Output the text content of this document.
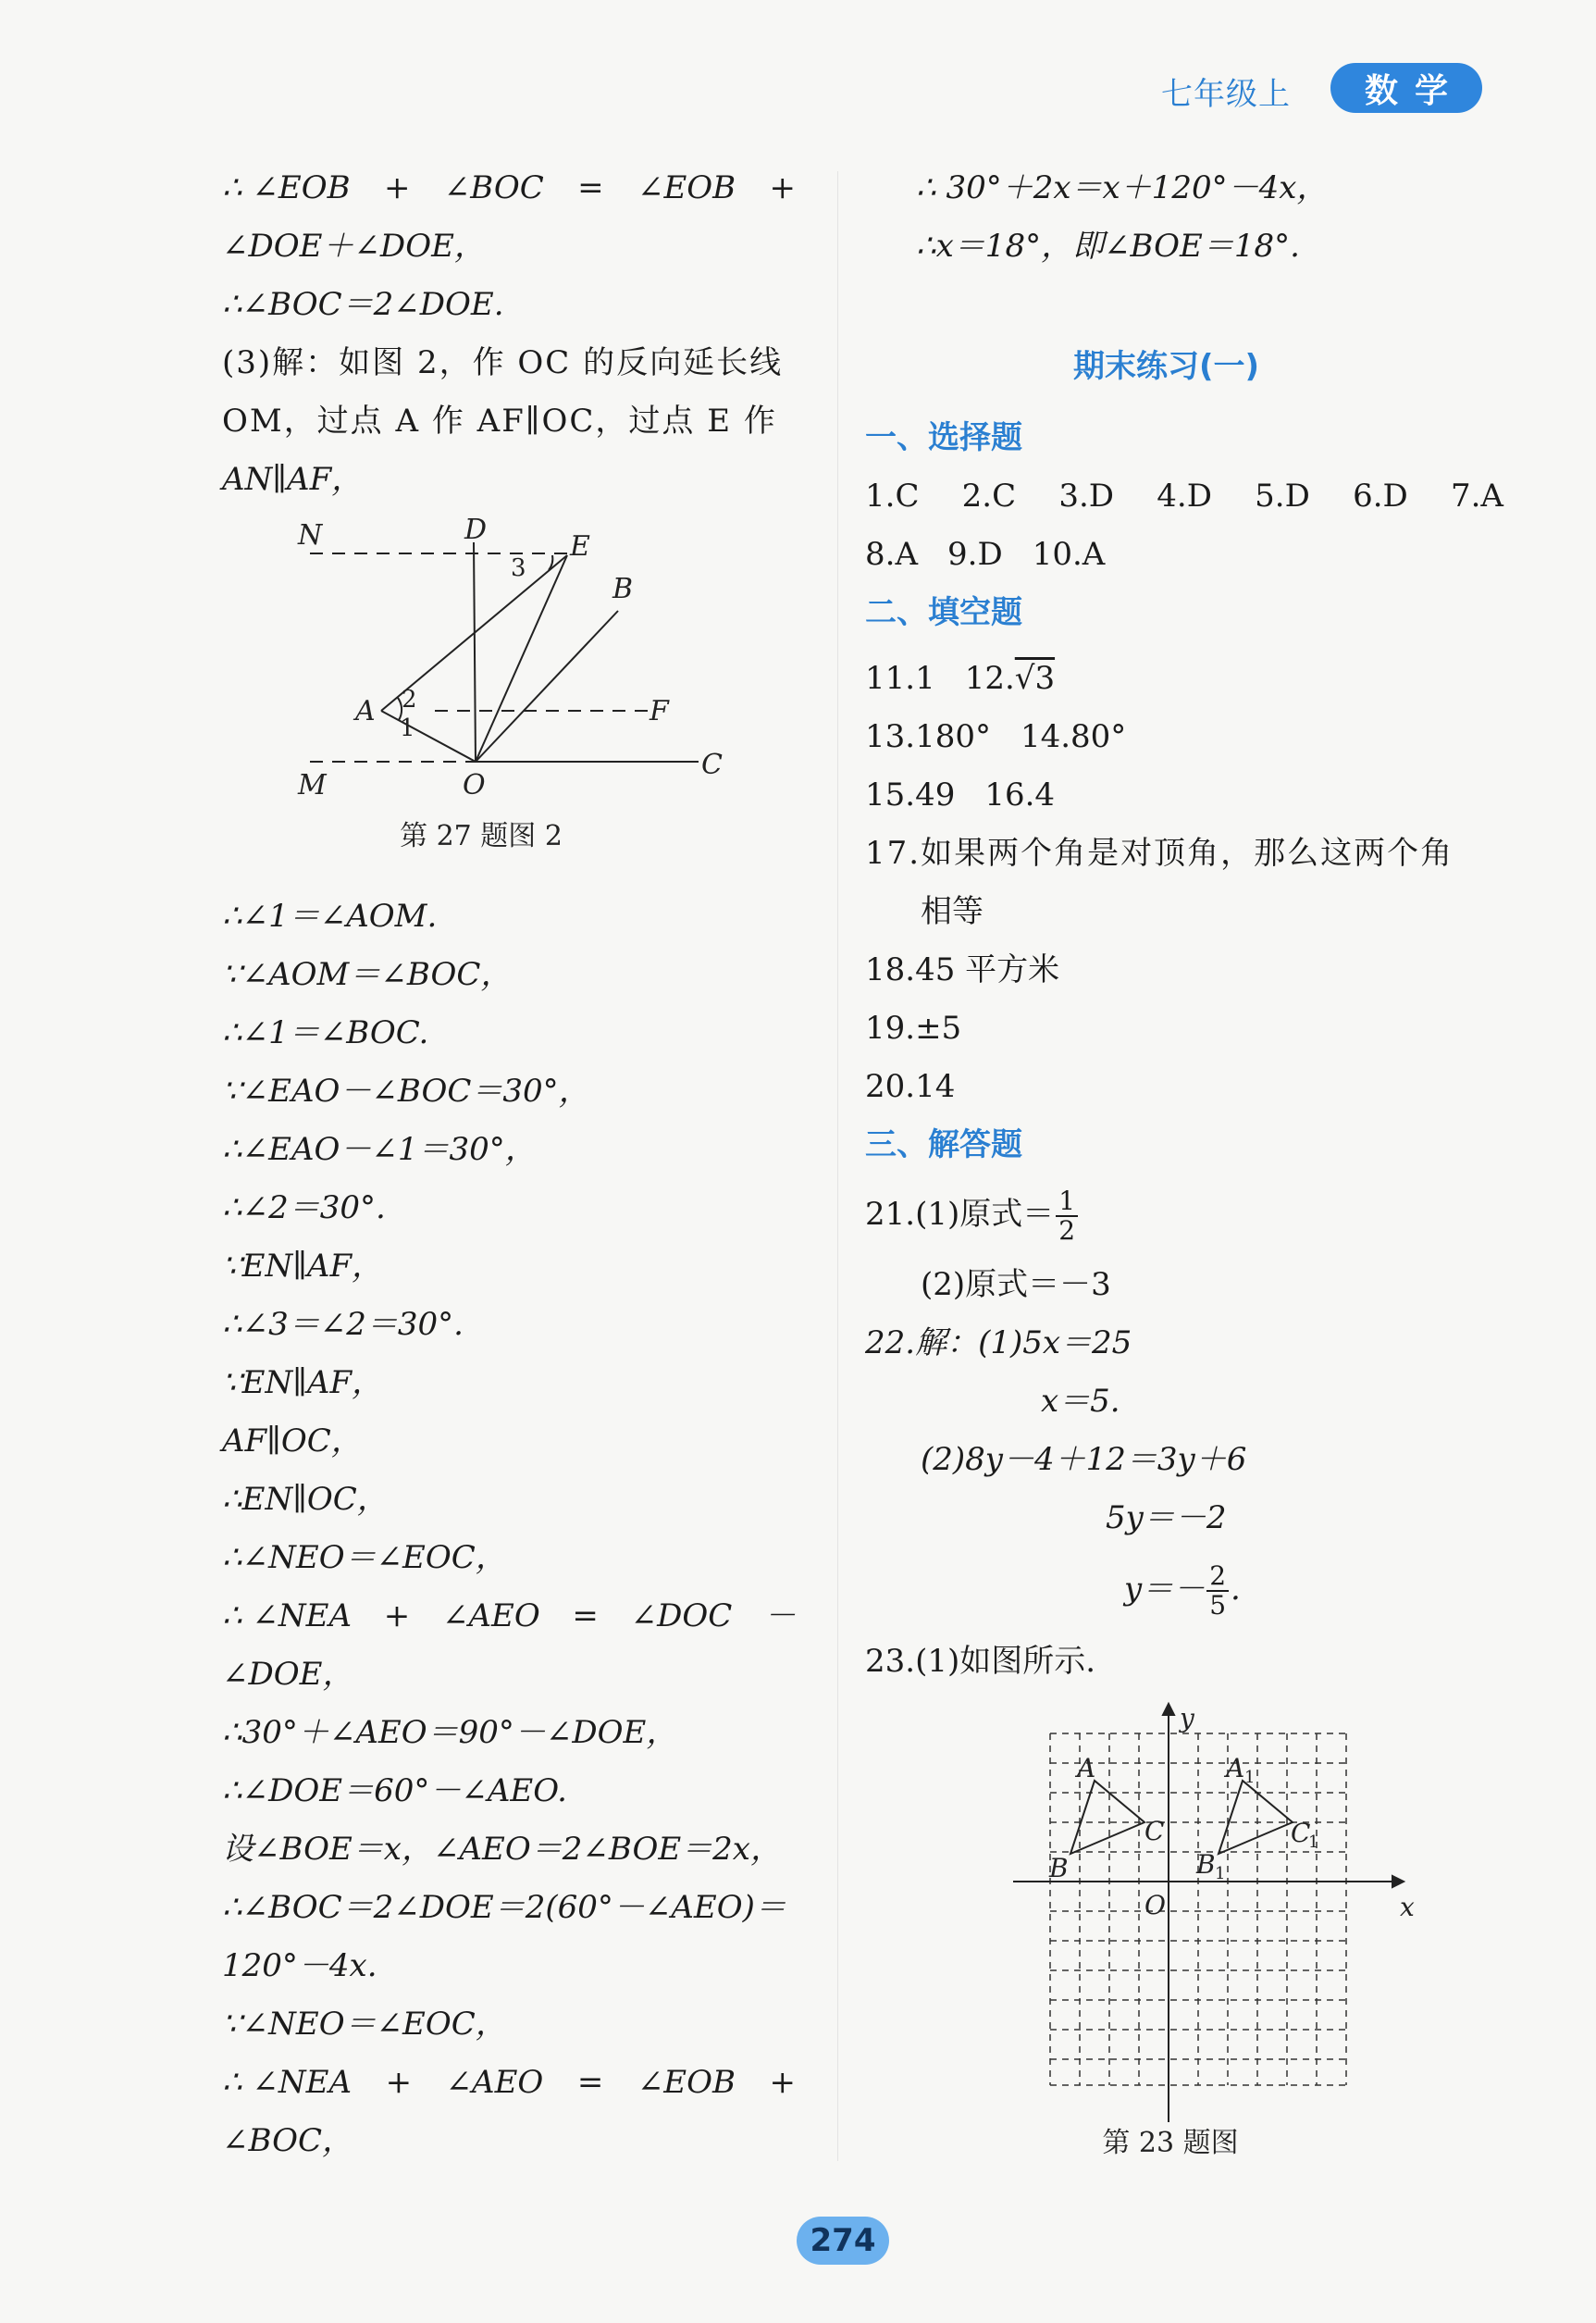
七年级上	数学
∴ ∠EOB + ∠BOC = ∠EOB +
∠DOE＋∠DOE，
∴∠BOC＝2∠DOE.
(3)解：如图 2，作 OC 的反向延长线
OM，过点 A 作 AF∥OC，过点 E 作
AN∥AF，
N	D
E
B
A	F
M	O
C
1
2
3
第 27 题图 2
∴∠1＝∠AOM.
∵∠AOM＝∠BOC，
∴∠1＝∠BOC.
∵∠EAO－∠BOC＝30°，
∴∠EAO－∠1＝30°，
∴∠2＝30°.
∵EN∥AF，
∴∠3＝∠2＝30°.
∵EN∥AF，
AF∥OC，
∴EN∥OC，
∴∠NEO＝∠EOC，
∴ ∠NEA + ∠AEO = ∠DOC －
∠DOE，
∴30°＋∠AEO＝90°－∠DOE，
∴∠DOE＝60°－∠AEO.
设∠BOE＝x，∠AEO＝2∠BOE＝2x，
∴∠BOC＝2∠DOE＝2(60°－∠AEO)＝
120°－4x.
∵∠NEO＝∠EOC，
∴ ∠NEA + ∠AEO = ∠EOB +
∠BOC，
∴ 30°＋2x＝x＋120°－4x，
∴x＝18°，即∠BOE＝18°.
期末练习(一)
一、选择题
1.C 2.C 3.D 4.D 5.D 6.D 7.A
8.A 9.D 10.A
二、填空题
11.1 12.√3
13.180° 14.80°
15.49 16.4
17.如果两个角是对顶角，那么这两个角
相等
18.45 平方米
19.±5
20.14
三、解答题
21.(1)原式＝ $\frac{1}{2}$
(2)原式＝－3
22.解：(1)5x＝25
x＝5.
(2)8y－4＋12＝3y＋6
5y＝－2
$y=- \frac{2}{5}$ .
23.(1)如图所示.
y
x
O
A
B
C
A
B
C
1
1
1
第 23 题图
274
